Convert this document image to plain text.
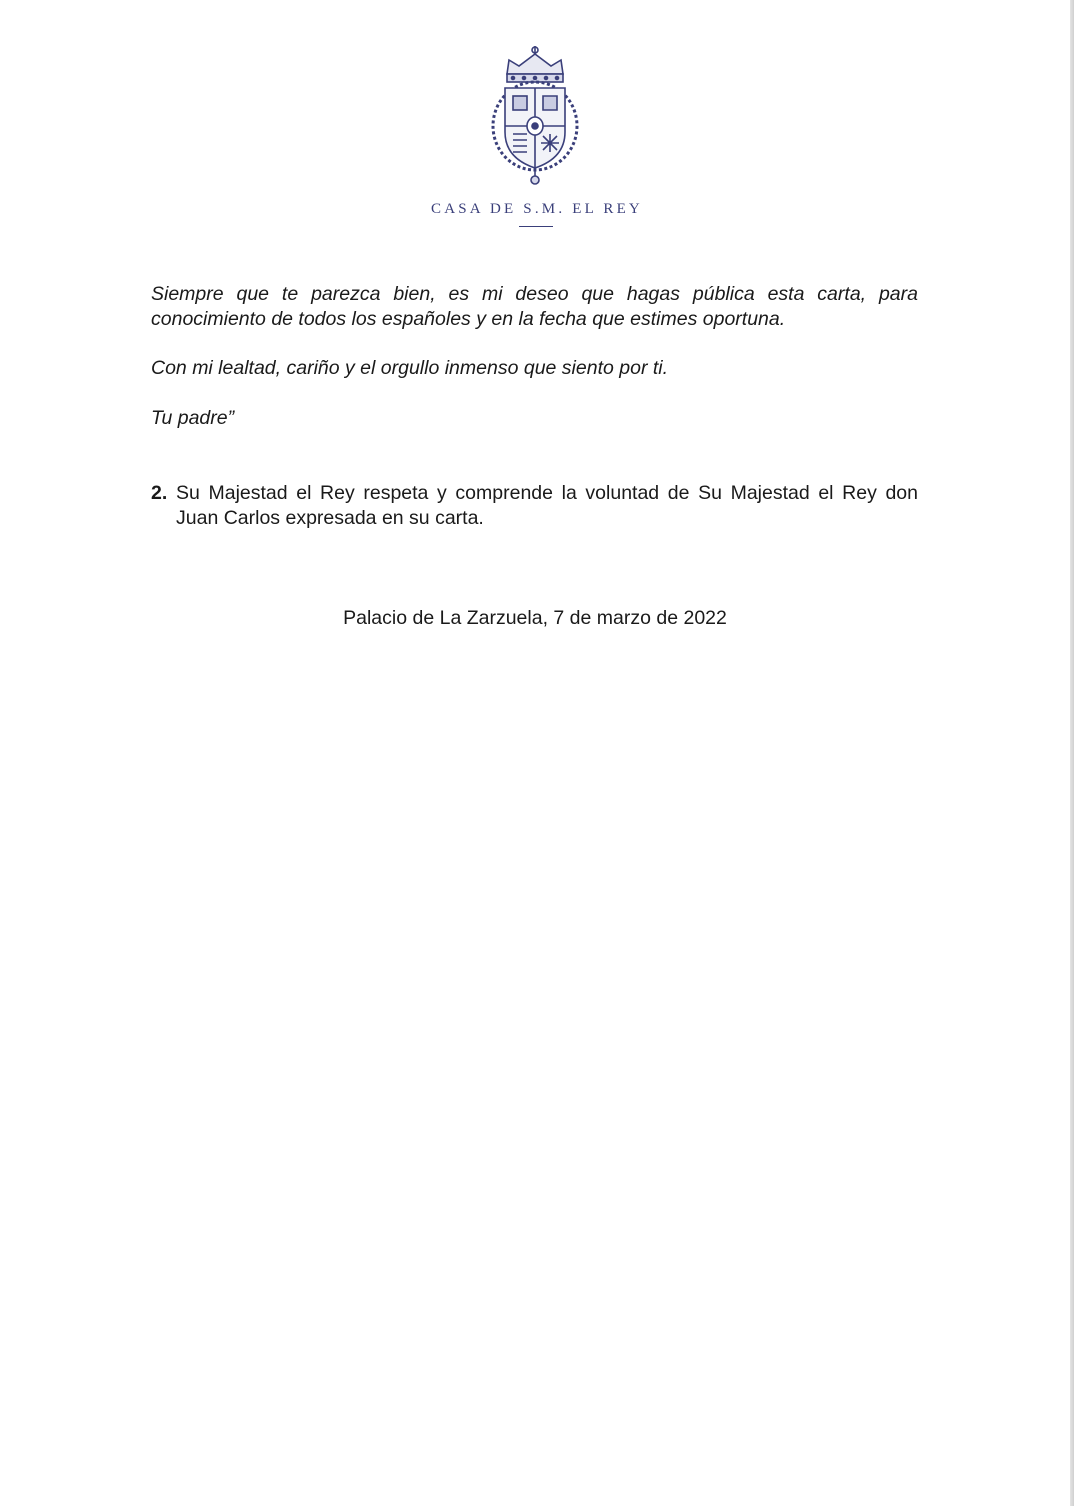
CASA DE S.M. EL REY
Siempre que te parezca bien, es mi deseo que hagas pública esta carta, para conocimiento de todos los españoles y en la fecha que estimes oportuna.
Con mi lealtad, cariño y el orgullo inmenso que siento por ti.
Tu padre”
2. Su Majestad el Rey respeta y comprende la voluntad de Su Majestad el Rey don Juan Carlos expresada en su carta.
Palacio de La Zarzuela, 7 de marzo de 2022
